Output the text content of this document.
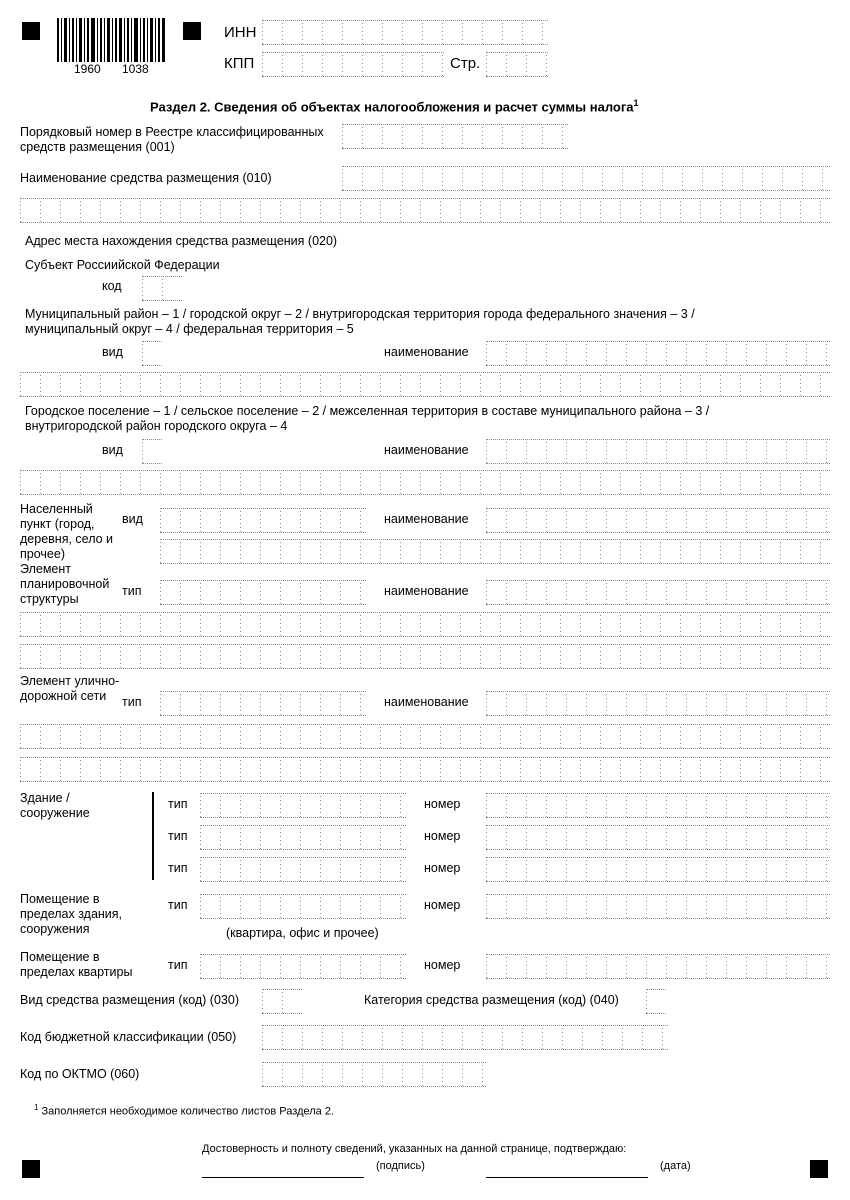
1960 1038
ИНН
КПП	Стр.
Раздел 2. Сведения об объектах налогообложения и расчет суммы налога$^1$
Порядковый номер в Реестре классифицированных средств размещения (001)
Наименование средства размещения (010)
Адрес места нахождения средства размещения (020)
Субъект Россиийской Федерации
код
Муниципальный район – 1 / городской округ – 2 / внутригородская территория города федерального значения – 3 / муниципальный округ – 4 / федеральная территория – 5
вид	наименование
Городское поселение – 1 / сельское поселение – 2 / межселенная территория в составе муниципального района – 3 / внутригородской район городского округа – 4
вид	наименование
Населенный пункт (город, деревня, село и прочее)
вид	наименование
Элемент планировочной структуры
тип	наименование
Элемент улично-дорожной сети	тип	наименование
Здание / сооружение
тип	номер
тип	номер
тип	номер
Помещение в пределах здания, сооружения
тип	номер
(квартира, офис и прочее)
Помещение в пределах квартиры	тип	номер
Вид средства размещения (код) (030)	Категория средства размещения (код) (040)
Код бюджетной классификации (050)
Код по ОКТМО (060)
$^1$ Заполняется необходимое количество листов Раздела 2.
Достоверность и полноту сведений, указанных на данной странице, подтверждаю:
(подпись)	(дата)
